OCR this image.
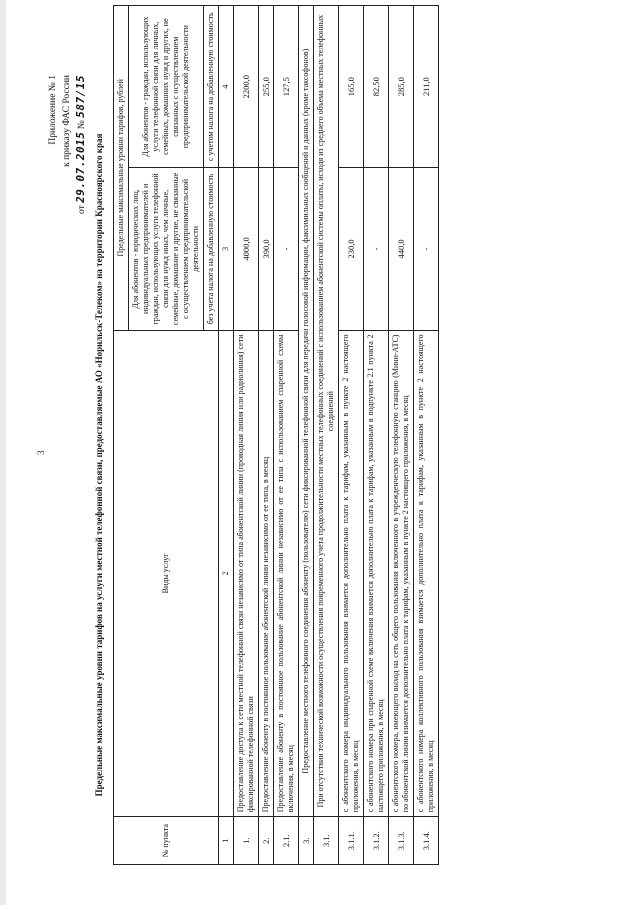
3
Приложение № 1 к приказу ФАС России
от 29.07.2015 № 587/15
Предельные максимальные уровни тарифов на услуги местной телефонной связи, предоставляемые АО «Норильск-Телеком» на территории Красноярского края
№ пункта	Виды услуг	Предельные максимальные уровни тарифов, рублей	
		Для абонентов - юридических лиц, индивидуальных предпринимателей и граждан, использующих услуги телефонной связи для нужд иных, чем личные, семейные, домашние и другие, не связанные с осуществлением предпринимательской деятельности	Для абонентов - граждан, использующих услуги телефонной связи для личных, семейных, домашних нужд и других, не связанных с осуществлением предпринимательской деятельности
		без учета налога на добавленную стоимость	с учетом налога на добавленную стоимость
1	2	3	4
1.	Предоставление доступа к сети местной телефонной связи независимо от типа абонентской линии (проводная линия или радиолиния) сети фиксированной телефонной связи	4000,0	2200,0
2.	Предоставление абоненту в постоянное пользование абонентской линии независимо от ее типа, в месяц	390,0	255,0
2.1.	Предоставление абоненту в постоянное пользование абонентской линии независимо от ее типа с использованием спаренной схемы включения, в месяц	-	127,5
3.	Предоставление местного телефонного соединения абоненту (пользователю) сети фиксированной телефонной связи для передачи голосовой информации, факсимильных сообщений и данных (кроме таксофонов)		
3.1.	При отсутствии технической возможности осуществления повременного учета продолжительности местных телефонных соединений с использованием абонентской системы оплаты, исходя из среднего объема местных телефонных соединений		
3.1.1.	с абонентского номера индивидуального пользования взимается дополнительно плата к тарифам, указанным в пункте 2 настоящего приложения, в месяц	230,0	165,0
3.1.2.	с абонентского номера при спаренной схеме включения взимается дополнительно плата к тарифам, указанным в подпункте 2.1 пункта 2 настоящего приложения, в месяц	-	82,50
3.1.3.	с абонентского номера, имеющего выход на сеть общего пользования включенного в учрежденческую телефонную станцию (Мини-АТС) по абонентской линии взимается дополнительно плата к тарифам, указанным в пункте 2 настоящего приложения, в месяц	440,0	285,0
3.1.4.	с абонентского номера коллективного пользования взимается дополнительно плата к тарифам, указанным в пункте 2 настоящего приложения, в месяц	-	211,0
